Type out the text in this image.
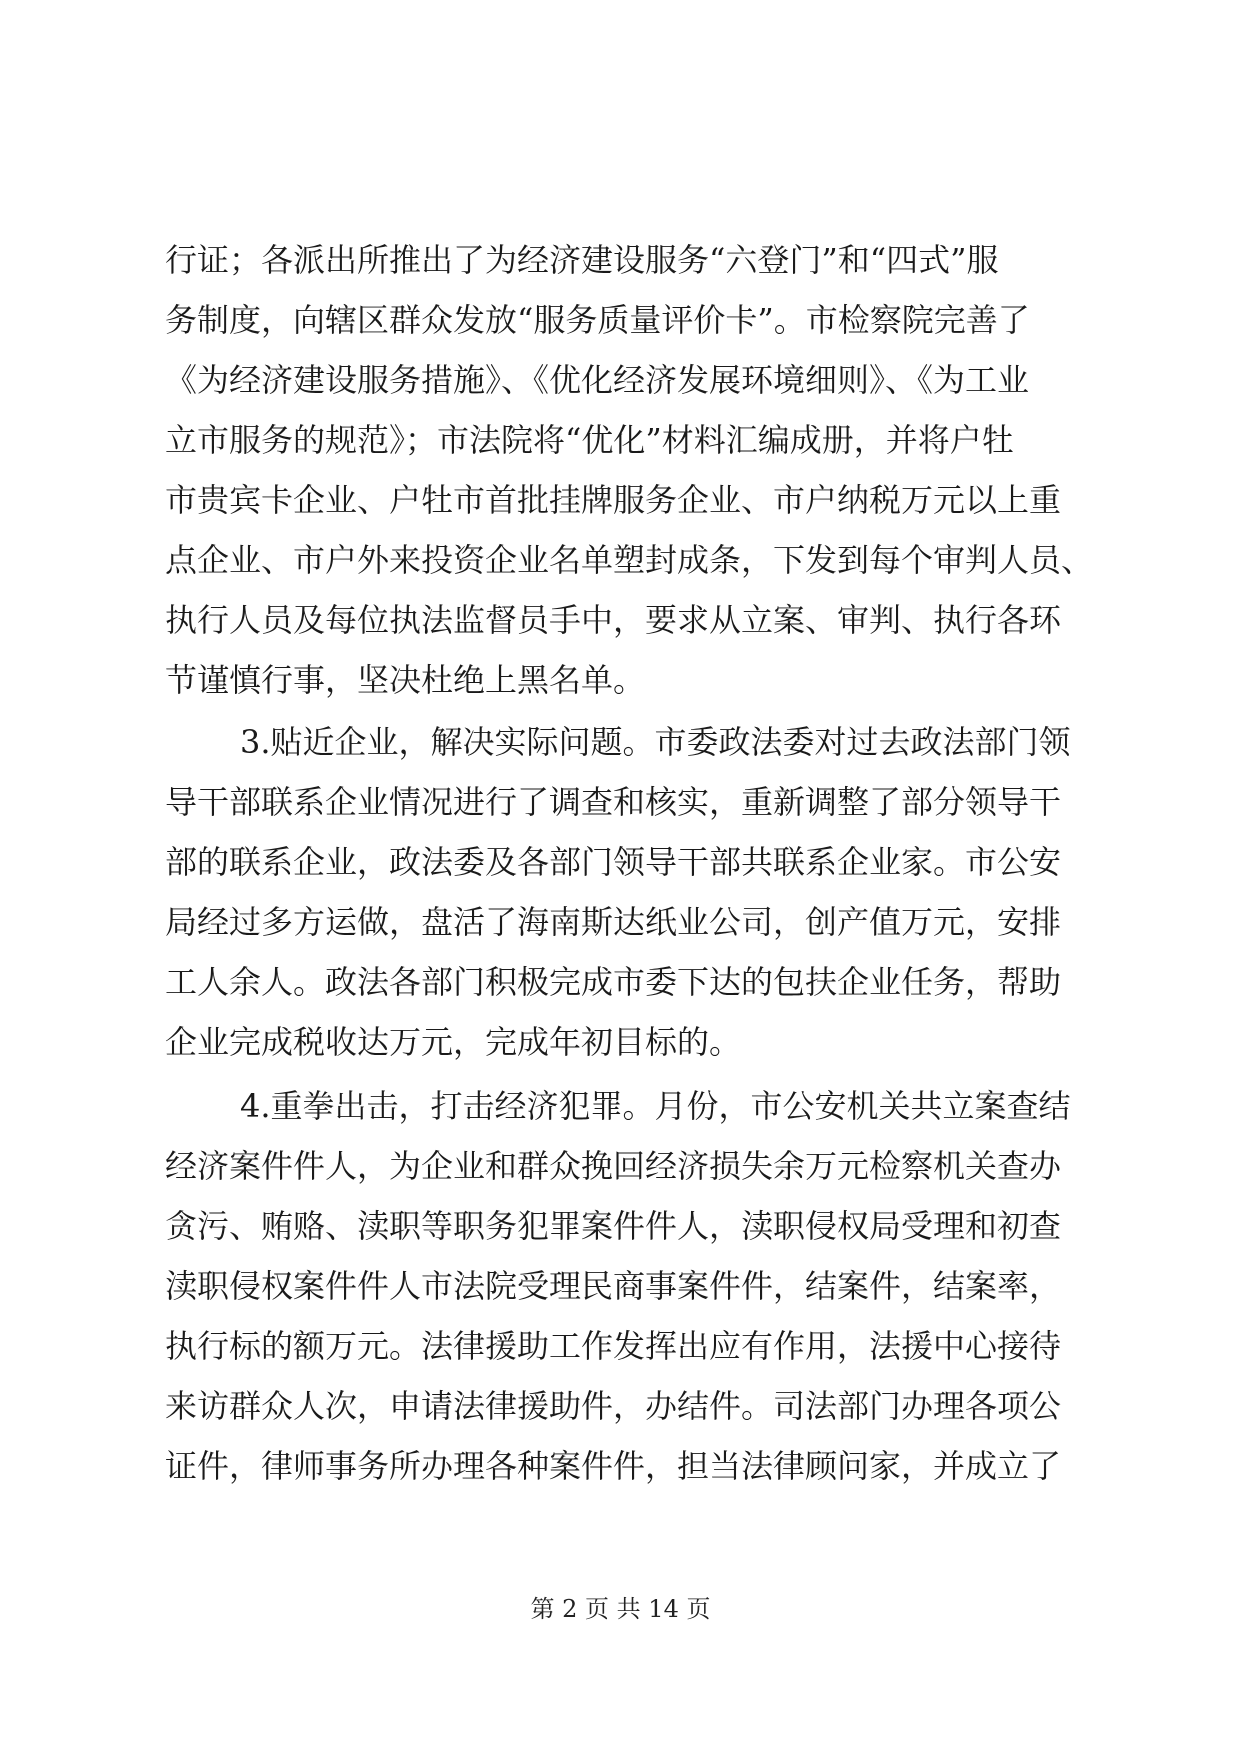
行证；各派出所推出了为经济建设服务“六登门”和“四式”服
务制度，向辖区群众发放“服务质量评价卡”。市检察院完善了
《为经济建设服务措施》、《优化经济发展环境细则》、《为工业
立市服务的规范》；市法院将“优化”材料汇编成册，并将户牡
市贵宾卡企业、户牡市首批挂牌服务企业、市户纳税万元以上重
点企业、市户外来投资企业名单塑封成条，下发到每个审判人员、
执行人员及每位执法监督员手中，要求从立案、审判、执行各环
节谨慎行事，坚决杜绝上黑名单。
3.贴近企业，解决实际问题。市委政法委对过去政法部门领
导干部联系企业情况进行了调查和核实，重新调整了部分领导干
部的联系企业，政法委及各部门领导干部共联系企业家。市公安
局经过多方运做，盘活了海南斯达纸业公司，创产值万元，安排
工人余人。政法各部门积极完成市委下达的包扶企业任务，帮助
企业完成税收达万元，完成年初目标的。
4.重拳出击，打击经济犯罪。月份，市公安机关共立案查结
经济案件件人，为企业和群众挽回经济损失余万元检察机关查办
贪污、贿赂、渎职等职务犯罪案件件人，渎职侵权局受理和初查
渎职侵权案件件人市法院受理民商事案件件，结案件，结案率，
执行标的额万元。法律援助工作发挥出应有作用，法援中心接待
来访群众人次，申请法律援助件，办结件。司法部门办理各项公
证件，律师事务所办理各种案件件，担当法律顾问家，并成立了
第 2 页 共 14 页
